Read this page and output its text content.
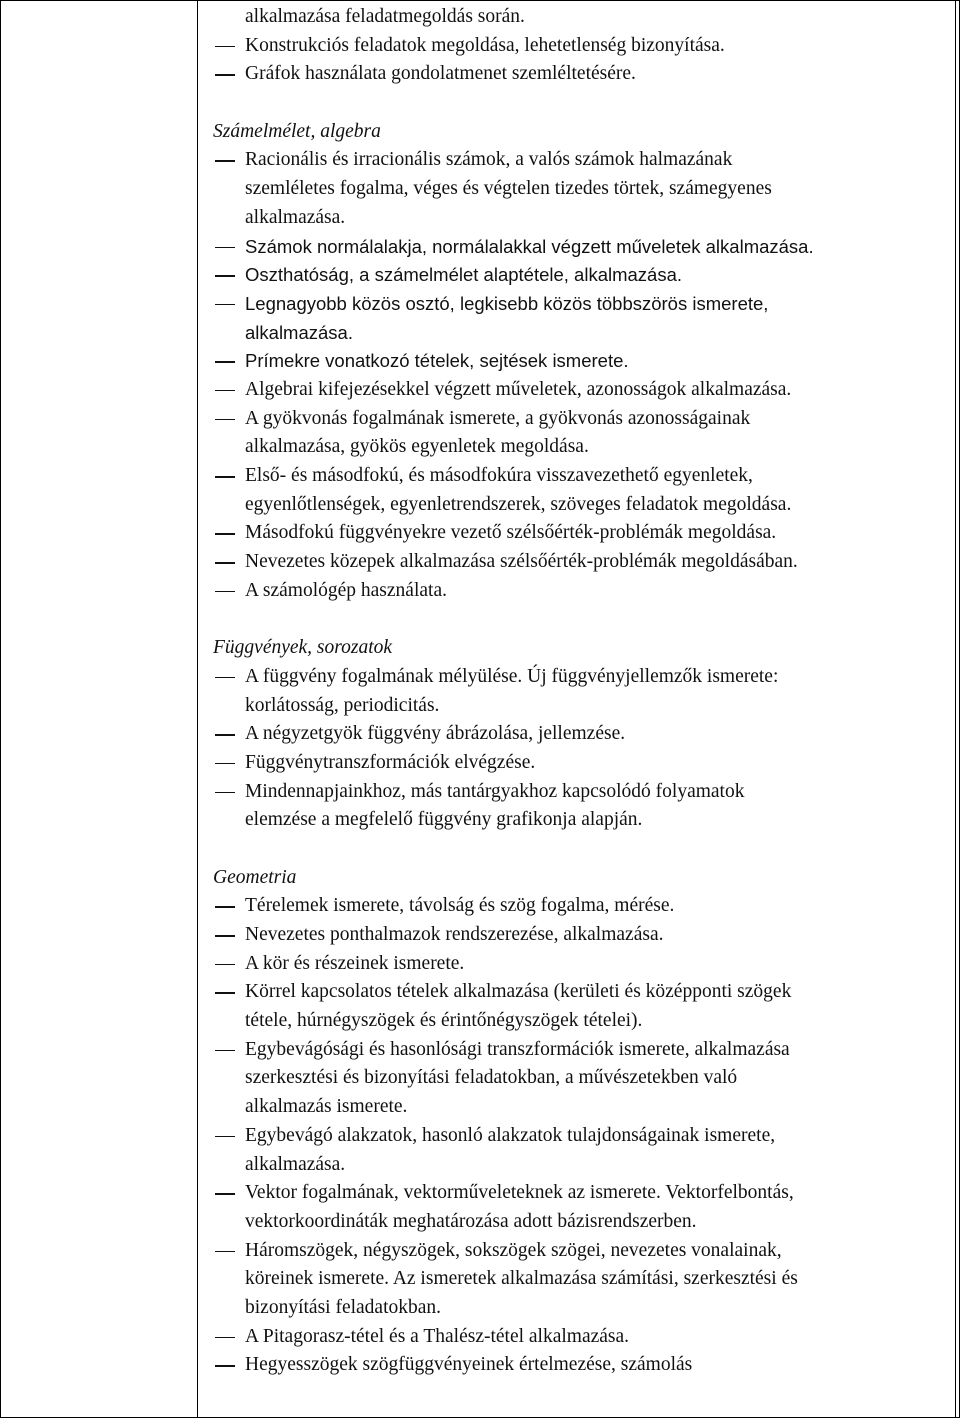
alkalmazása feladatmegoldás során.
Konstrukciós feladatok megoldása, lehetetlenség bizonyítása.
Gráfok használata gondolatmenet szemléltetésére.
Számelmélet, algebra
Racionális és irracionális számok, a valós számok halmazának
szemléletes fogalma, véges és végtelen tizedes törtek, számegyenes
alkalmazása.
Számok normálalakja, normálalakkal végzett műveletek alkalmazása.
Oszthatóság, a számelmélet alaptétele, alkalmazása.
Legnagyobb közös osztó, legkisebb közös többszörös ismerete,
alkalmazása.
Prímekre vonatkozó tételek, sejtések ismerete.
Algebrai kifejezésekkel végzett műveletek, azonosságok alkalmazása.
A gyökvonás fogalmának ismerete, a gyökvonás azonosságainak
alkalmazása, gyökös egyenletek megoldása.
Első- és másodfokú, és másodfokúra visszavezethető egyenletek,
egyenlőtlenségek, egyenletrendszerek, szöveges feladatok megoldása.
Másodfokú függvényekre vezető szélsőérték-problémák megoldása.
Nevezetes közepek alkalmazása szélsőérték-problémák megoldásában.
A számológép használata.
Függvények, sorozatok
A függvény fogalmának mélyülése. Új függvényjellemzők ismerete:
korlátosság, periodicitás.
A négyzetgyök függvény ábrázolása, jellemzése.
Függvénytranszformációk elvégzése.
Mindennapjainkhoz, más tantárgyakhoz kapcsolódó folyamatok
elemzése a megfelelő függvény grafikonja alapján.
Geometria
Térelemek ismerete, távolság és szög fogalma, mérése.
Nevezetes ponthalmazok rendszerezése, alkalmazása.
A kör és részeinek ismerete.
Körrel kapcsolatos tételek alkalmazása (kerületi és középponti szögek
tétele, húrnégyszögek és érintőnégyszögek tételei).
Egybevágósági és hasonlósági transzformációk ismerete, alkalmazása
szerkesztési és bizonyítási feladatokban, a művészetekben való
alkalmazás ismerete.
Egybevágó alakzatok, hasonló alakzatok tulajdonságainak ismerete,
alkalmazása.
Vektor fogalmának, vektorműveleteknek az ismerete. Vektorfelbontás,
vektorkoordináták meghatározása adott bázisrendszerben.
Háromszögek, négyszögek, sokszögek szögei, nevezetes vonalainak,
köreinek ismerete. Az ismeretek alkalmazása számítási, szerkesztési és
bizonyítási feladatokban.
A Pitagorasz-tétel és a Thalész-tétel alkalmazása.
Hegyesszögek szögfüggvényeinek értelmezése, számolás
